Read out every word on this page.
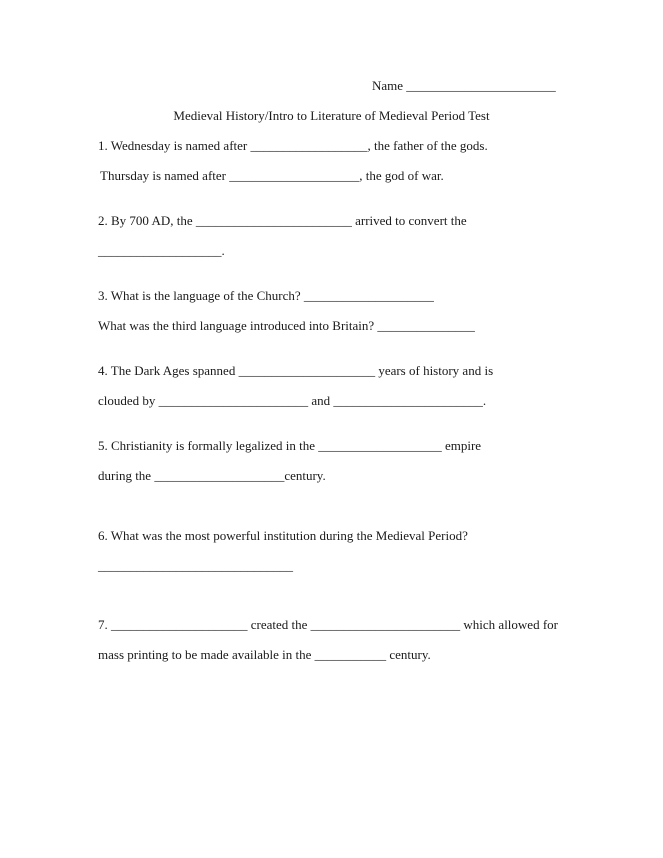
Name _______________________
Medieval History/Intro to Literature of Medieval Period Test
1. Wednesday is named after __________________, the father of the gods.
Thursday is named after ____________________, the god of war.
2. By 700 AD, the ________________________ arrived to convert the
___________________.
3. What is the language of the Church? ____________________
What was the third language introduced into Britain? _______________
4. The Dark Ages spanned _____________________ years of history and is
clouded by _______________________ and _______________________.
5. Christianity is formally legalized in the ___________________ empire
during the ____________________century.
6. What was the most powerful institution during the Medieval Period?
______________________________
7. _____________________ created the _______________________ which allowed for
mass printing to be made available in the ___________ century.
